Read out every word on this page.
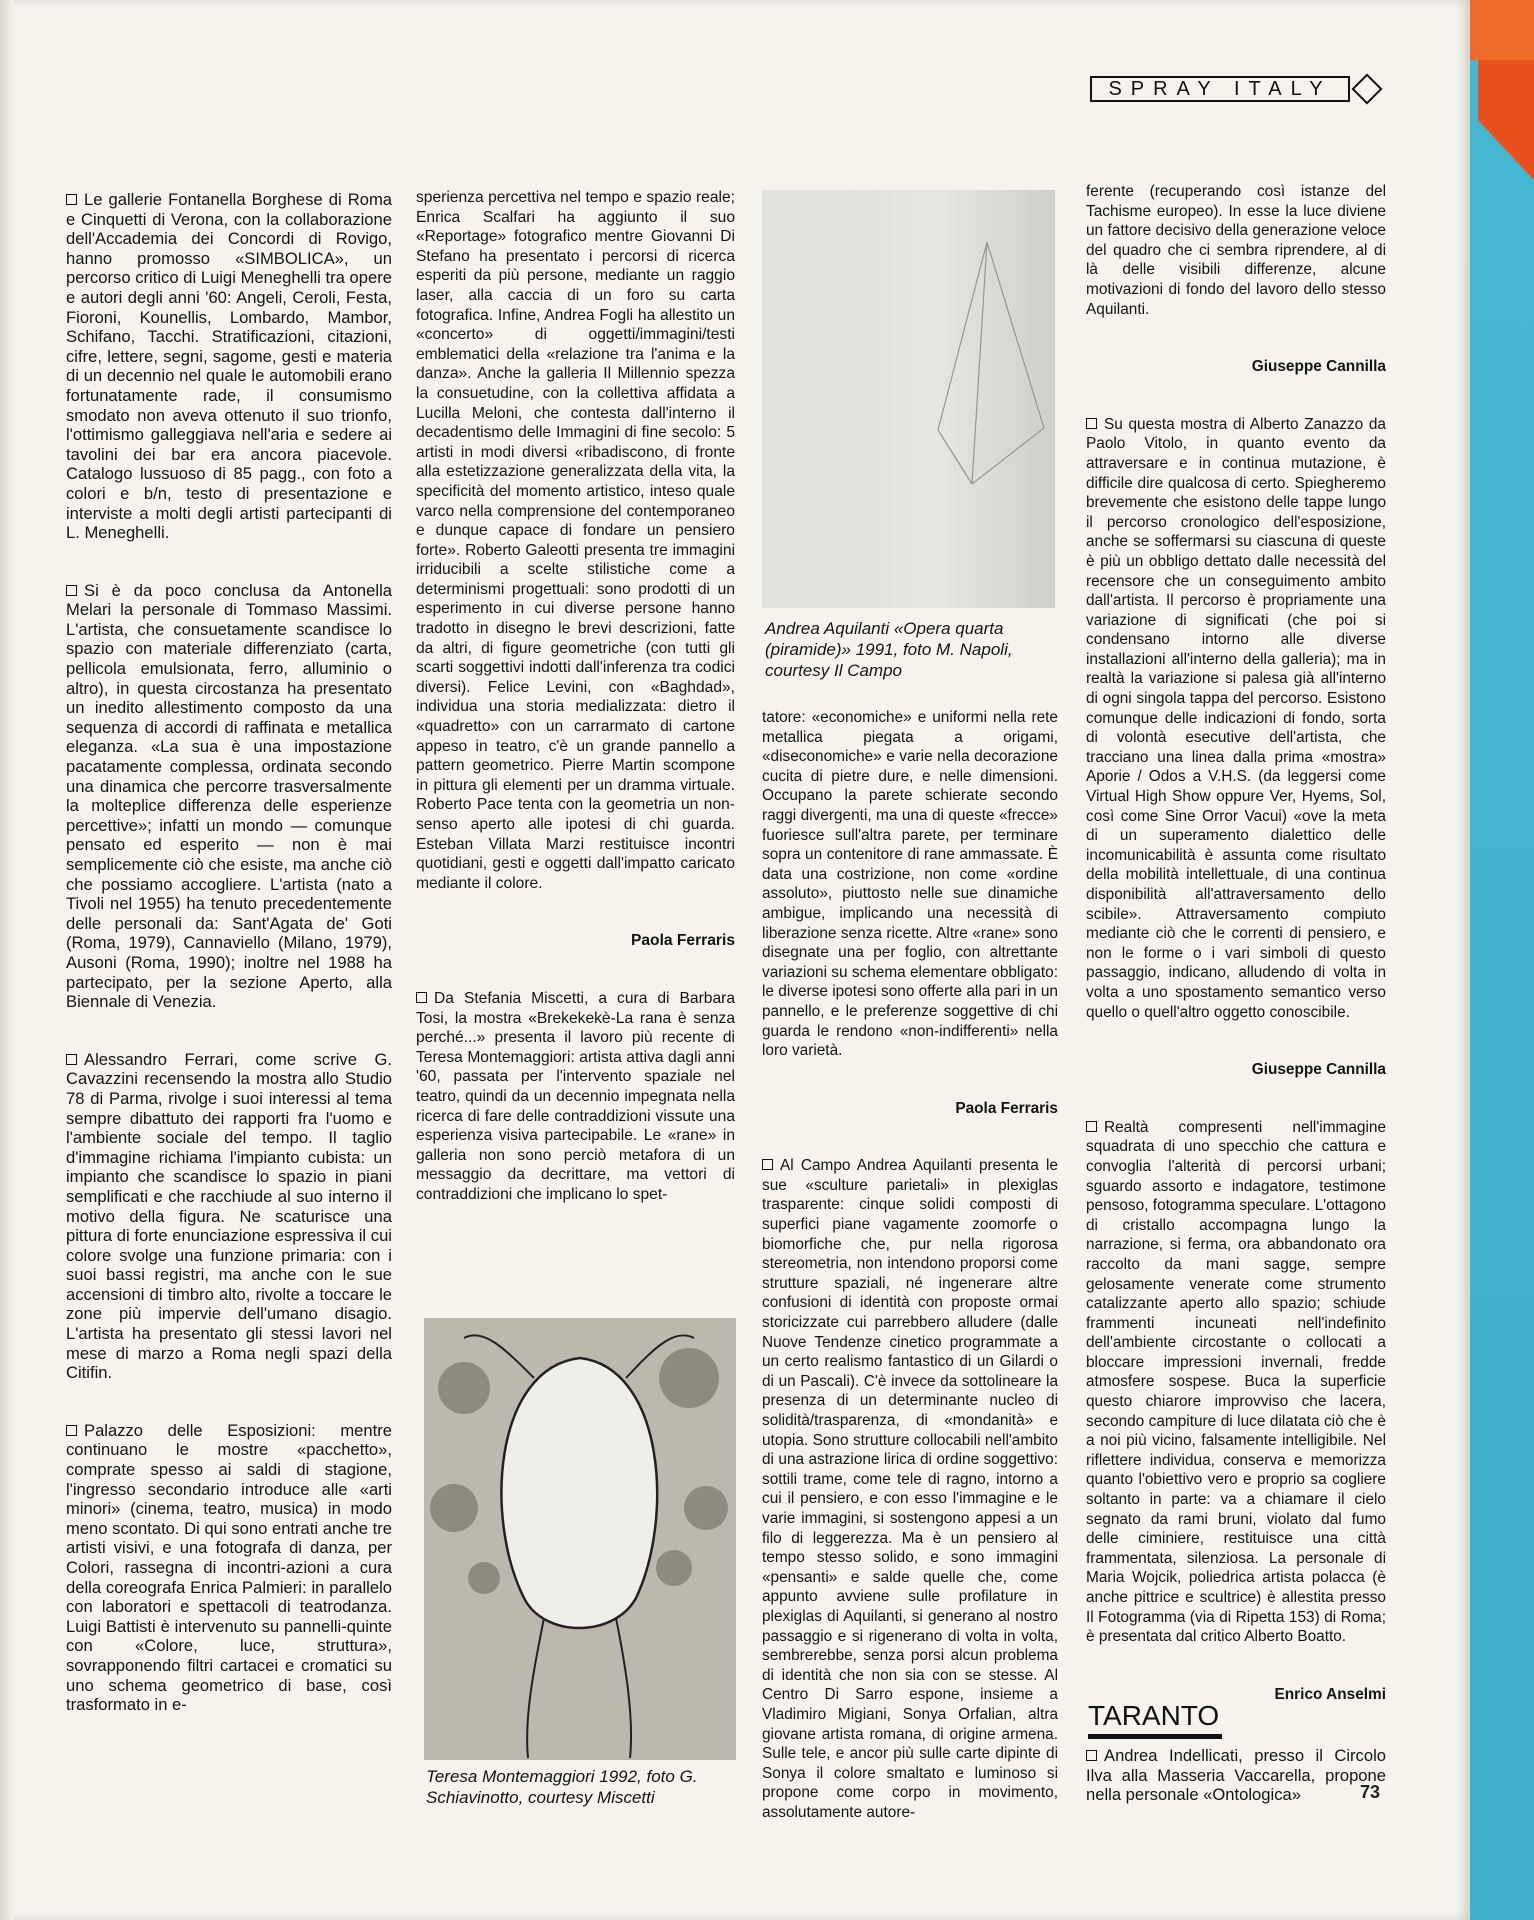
SPRAY ITALY

Le gallerie Fontanella Borghese di Roma e Cinquetti di Verona, con la collaborazione dell'Accademia dei Concordi di Rovigo, hanno promosso «SIMBOLICA», un percorso critico di Luigi Meneghelli tra opere e autori degli anni '60: Angeli, Ceroli, Festa, Fioroni, Kounellis, Lombardo, Mambor, Schifano, Tacchi. Stratificazioni, citazioni, cifre, lettere, segni, sagome, gesti e materia di un decennio nel quale le automobili erano fortunatamente rade, il consumismo smodato non aveva ottenuto il suo trionfo, l'ottimismo galleggiava nell'aria e sedere ai tavolini dei bar era ancora piacevole. Catalogo lussuoso di 85 pagg., con foto a colori e b/n, testo di presentazione e interviste a molti degli artisti partecipanti di L. Meneghelli.

Si è da poco conclusa da Antonella Melari la personale di Tommaso Massimi. L'artista, che consuetamente scandisce lo spazio con materiale differenziato (carta, pellicola emulsionata, ferro, alluminio o altro), in questa circostanza ha presentato un inedito allestimento composto da una sequenza di accordi di raffinata e metallica eleganza. «La sua è una impostazione pacatamente complessa, ordinata secondo una dinamica che percorre trasversalmente la molteplice differenza delle esperienze percettive»; infatti un mondo — comunque pensato ed esperito — non è mai semplicemente ciò che esiste, ma anche ciò che possiamo accogliere. L'artista (nato a Tivoli nel 1955) ha tenuto precedentemente delle personali da: Sant'Agata de' Goti (Roma, 1979), Cannaviello (Milano, 1979), Ausoni (Roma, 1990); inoltre nel 1988 ha partecipato, per la sezione Aperto, alla Biennale di Venezia.

Alessandro Ferrari, come scrive G. Cavazzini recensendo la mostra allo Studio 78 di Parma, rivolge i suoi interessi al tema sempre dibattuto dei rapporti fra l'uomo e l'ambiente sociale del tempo. Il taglio d'immagine richiama l'impianto cubista: un impianto che scandisce lo spazio in piani semplificati e che racchiude al suo interno il motivo della figura. Ne scaturisce una pittura di forte enunciazione espressiva il cui colore svolge una funzione primaria: con i suoi bassi registri, ma anche con le sue accensioni di timbro alto, rivolte a toccare le zone più impervie dell'umano disagio. L'artista ha presentato gli stessi lavori nel mese di marzo a Roma negli spazi della Citifin.

Palazzo delle Esposizioni: mentre continuano le mostre «pacchetto», comprate spesso ai saldi di stagione, l'ingresso secondario introduce alle «arti minori» (cinema, teatro, musica) in modo meno scontato. Di qui sono entrati anche tre artisti visivi, e una fotografa di danza, per Colori, rassegna di incontri-azioni a cura della coreografa Enrica Palmieri: in parallelo con laboratori e spettacoli di teatrodanza. Luigi Battisti è intervenuto su pannelli-quinte con «Colore, luce, struttura», sovrapponendo filtri cartacei e cromatici su uno schema geometrico di base, così trasformato in e-

sperienza percettiva nel tempo e spazio reale; Enrica Scalfari ha aggiunto il suo «Reportage» fotografico mentre Giovanni Di Stefano ha presentato i percorsi di ricerca esperiti da più persone, mediante un raggio laser, alla caccia di un foro su carta fotografica. Infine, Andrea Fogli ha allestito un «concerto» di oggetti/immagini/testi emblematici della «relazione tra l'anima e la danza». Anche la galleria Il Millennio spezza la consuetudine, con la collettiva affidata a Lucilla Meloni, che contesta dall'interno il decadentismo delle Immagini di fine secolo: 5 artisti in modi diversi «ribadiscono, di fronte alla estetizzazione generalizzata della vita, la specificità del momento artistico, inteso quale varco nella comprensione del contemporaneo e dunque capace di fondare un pensiero forte». Roberto Galeotti presenta tre immagini irriducibili a scelte stilistiche come a determinismi progettuali: sono prodotti di un esperimento in cui diverse persone hanno tradotto in disegno le brevi descrizioni, fatte da altri, di figure geometriche (con tutti gli scarti soggettivi indotti dall'inferenza tra codici diversi). Felice Levini, con «Baghdad», individua una storia medializzata: dietro il «quadretto» con un carrarmato di cartone appeso in teatro, c'è un grande pannello a pattern geometrico. Pierre Martin scompone in pittura gli elementi per un dramma virtuale. Roberto Pace tenta con la geometria un non-senso aperto alle ipotesi di chi guarda. Esteban Villata Marzi restituisce incontri quotidiani, gesti e oggetti dall'impatto caricato mediante il colore.

Paola Ferraris

Da Stefania Miscetti, a cura di Barbara Tosi, la mostra «Brekekekè-La rana è senza perché...» presenta il lavoro più recente di Teresa Montemaggiori: artista attiva dagli anni '60, passata per l'intervento spaziale nel teatro, quindi da un decennio impegnata nella ricerca di fare delle contraddizioni vissute una esperienza visiva partecipabile. Le «rane» in galleria non sono perciò metafora di un messaggio da decrittare, ma vettori di contraddizioni che implicano lo spet-

tatore: «economiche» e uniformi nella rete metallica piegata a origami, «diseconomiche» e varie nella decorazione cucita di pietre dure, e nelle dimensioni. Occupano la parete schierate secondo raggi divergenti, ma una di queste «frecce» fuoriesce sull'altra parete, per terminare sopra un contenitore di rane ammassate. È data una costrizione, non come «ordine assoluto», piuttosto nelle sue dinamiche ambigue, implicando una necessità di liberazione senza ricette. Altre «rane» sono disegnate una per foglio, con altrettante variazioni su schema elementare obbligato: le diverse ipotesi sono offerte alla pari in un pannello, e le preferenze soggettive di chi guarda le rendono «non-indifferenti» nella loro varietà.

Paola Ferraris

Al Campo Andrea Aquilanti presenta le sue «sculture parietali» in plexiglas trasparente: cinque solidi composti di superfici piane vagamente zoomorfe o biomorfiche che, pur nella rigorosa stereometria, non intendono proporsi come strutture spaziali, né ingenerare altre confusioni di identità con proposte ormai storicizzate cui parrebbero alludere (dalle Nuove Tendenze cinetico programmate a un certo realismo fantastico di un Gilardi o di un Pascali). C'è invece da sottolineare la presenza di un determinante nucleo di solidità/trasparenza, di «mondanità» e utopia. Sono strutture collocabili nell'ambito di una astrazione lirica di ordine soggettivo: sottili trame, come tele di ragno, intorno a cui il pensiero, e con esso l'immagine e le varie immagini, si sostengono appesi a un filo di leggerezza. Ma è un pensiero al tempo stesso solido, e sono immagini «pensanti» e salde quelle che, come appunto avviene sulle profilature in plexiglas di Aquilanti, si generano al nostro passaggio e si rigenerano di volta in volta, sembrerebbe, senza porsi alcun problema di identità che non sia con se stesse. Al Centro Di Sarro espone, insieme a Vladimiro Migiani, Sonya Orfalian, altra giovane artista romana, di origine armena. Sulle tele, e ancor più sulle carte dipinte di Sonya il colore smaltato e luminoso si propone come corpo in movimento, assolutamente autore-

ferente (recuperando così istanze del Tachisme europeo). In esse la luce diviene un fattore decisivo della generazione veloce del quadro che ci sembra riprendere, al di là delle visibili differenze, alcune motivazioni di fondo del lavoro dello stesso Aquilanti.

Giuseppe Cannilla

Su questa mostra di Alberto Zanazzo da Paolo Vitolo, in quanto evento da attraversare e in continua mutazione, è difficile dire qualcosa di certo. Spiegheremo brevemente che esistono delle tappe lungo il percorso cronologico dell'esposizione, anche se soffermarsi su ciascuna di queste è più un obbligo dettato dalle necessità del recensore che un conseguimento ambito dall'artista. Il percorso è propriamente una variazione di significati (che poi si condensano intorno alle diverse installazioni all'interno della galleria); ma in realtà la variazione si palesa già all'interno di ogni singola tappa del percorso. Esistono comunque delle indicazioni di fondo, sorta di volontà esecutive dell'artista, che tracciano una linea dalla prima «mostra» Aporie / Odos a V.H.S. (da leggersi come Virtual High Show oppure Ver, Hyems, Sol, così come Sine Orror Vacui) «ove la meta di un superamento dialettico delle incomunicabilità è assunta come risultato della mobilità intellettuale, di una continua disponibilità all'attraversamento dello scibile». Attraversamento compiuto mediante ciò che le correnti di pensiero, e non le forme o i vari simboli di questo passaggio, indicano, alludendo di volta in volta a uno spostamento semantico verso quello o quell'altro oggetto conoscibile.

Giuseppe Cannilla

Realtà compresenti nell'immagine squadrata di uno specchio che cattura e convoglia l'alterità di percorsi urbani; sguardo assorto e indagatore, testimone pensoso, fotogramma speculare. L'ottagono di cristallo accompagna lungo la narrazione, si ferma, ora abbandonato ora raccolto da mani sagge, sempre gelosamente venerate come strumento catalizzante aperto allo spazio; schiude frammenti incuneati nell'indefinito dell'ambiente circostante o collocati a bloccare impressioni invernali, fredde atmosfere sospese. Buca la superficie questo chiarore improvviso che lacera, secondo campiture di luce dilatata ciò che è a noi più vicino, falsamente intelligibile. Nel riflettere individua, conserva e memorizza quanto l'obiettivo vero e proprio sa cogliere soltanto in parte: va a chiamare il cielo segnato da rami bruni, violato dal fumo delle ciminiere, restituisce una città frammentata, silenziosa. La personale di Maria Wojcik, poliedrica artista polacca (è anche pittrice e scultrice) è allestita presso Il Fotogramma (via di Ripetta 153) di Roma; è presentata dal critico Alberto Boatto.

Enrico Anselmi

Andrea Aquilanti «Opera quarta (piramide)» 1991, foto M. Napoli, courtesy Il Campo
Teresa Montemaggiori 1992, foto G. Schiavinotto, courtesy Miscetti
TARANTO
Andrea Indellicati, presso il Circolo Ilva alla Masseria Vaccarella, propone nella personale «Ontologica»	73
